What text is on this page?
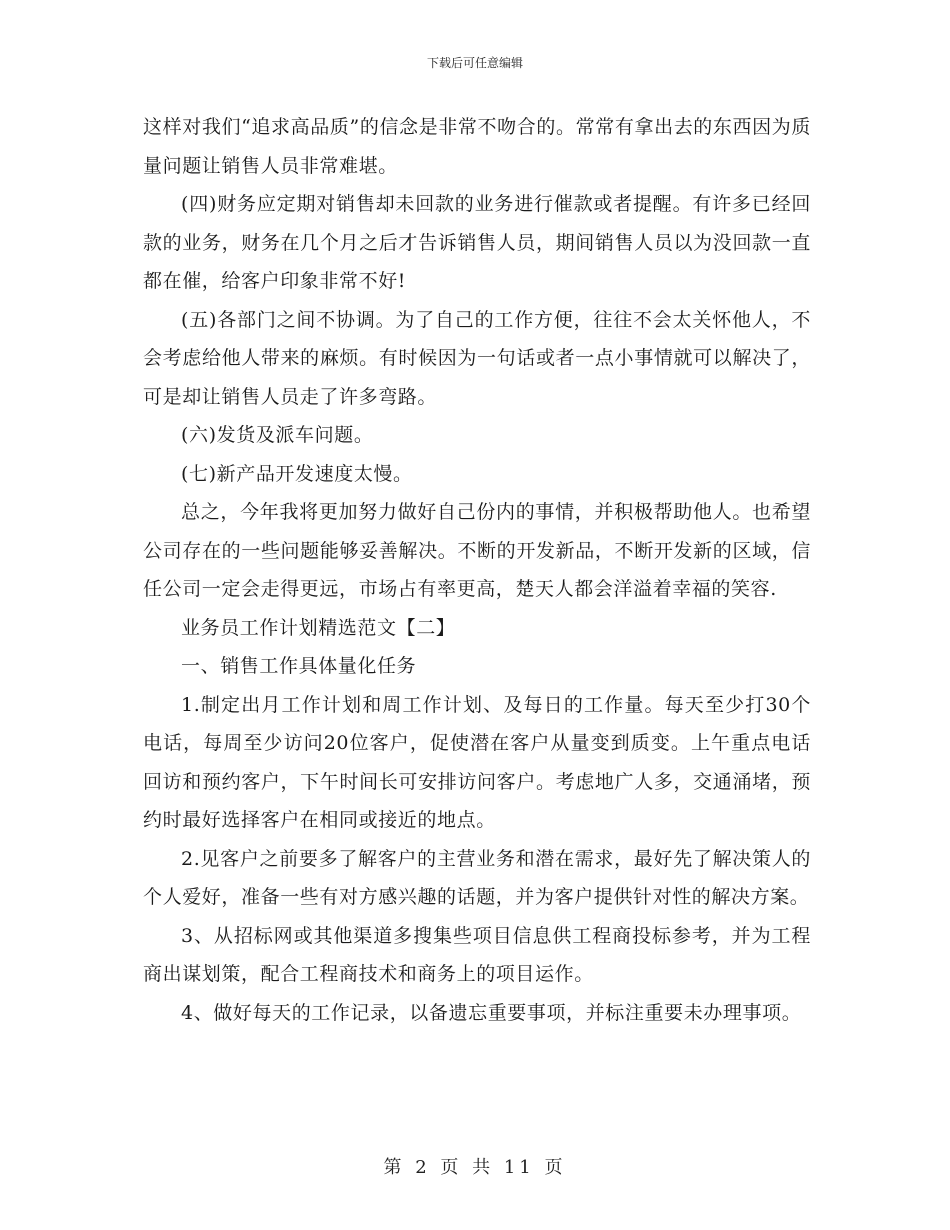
下载后可任意编辑

这样对我们“追求高品质”的信念是非常不吻合的。常常有拿出去的东西因为质量问题让销售人员非常难堪。

(四)财务应定期对销售却未回款的业务进行催款或者提醒。有许多已经回款的业务，财务在几个月之后才告诉销售人员，期间销售人员以为没回款一直都在催，给客户印象非常不好!

(五)各部门之间不协调。为了自己的工作方便，往往不会太关怀他人，不会考虑给他人带来的麻烦。有时候因为一句话或者一点小事情就可以解决了，可是却让销售人员走了许多弯路。

(六)发货及派车问题。

(七)新产品开发速度太慢。

总之，今年我将更加努力做好自己份内的事情，并积极帮助他人。也希望公司存在的一些问题能够妥善解决。不断的开发新品，不断开发新的区域，信任公司一定会走得更远，市场占有率更高，楚天人都会洋溢着幸福的笑容.

业务员工作计划精选范文【二】

一、销售工作具体量化任务

1.制定出月工作计划和周工作计划、及每日的工作量。每天至少打30个电话，每周至少访问20位客户，促使潜在客户从量变到质变。上午重点电话回访和预约客户，下午时间长可安排访问客户。考虑地广人多，交通涌堵，预约时最好选择客户在相同或接近的地点。

2.见客户之前要多了解客户的主营业务和潜在需求，最好先了解决策人的个人爱好，准备一些有对方感兴趣的话题，并为客户提供针对性的解决方案。

3、从招标网或其他渠道多搜集些项目信息供工程商投标参考，并为工程商出谋划策，配合工程商技术和商务上的项目运作。

4、做好每天的工作记录，以备遗忘重要事项，并标注重要未办理事项。

第 2 页 共 11 页
